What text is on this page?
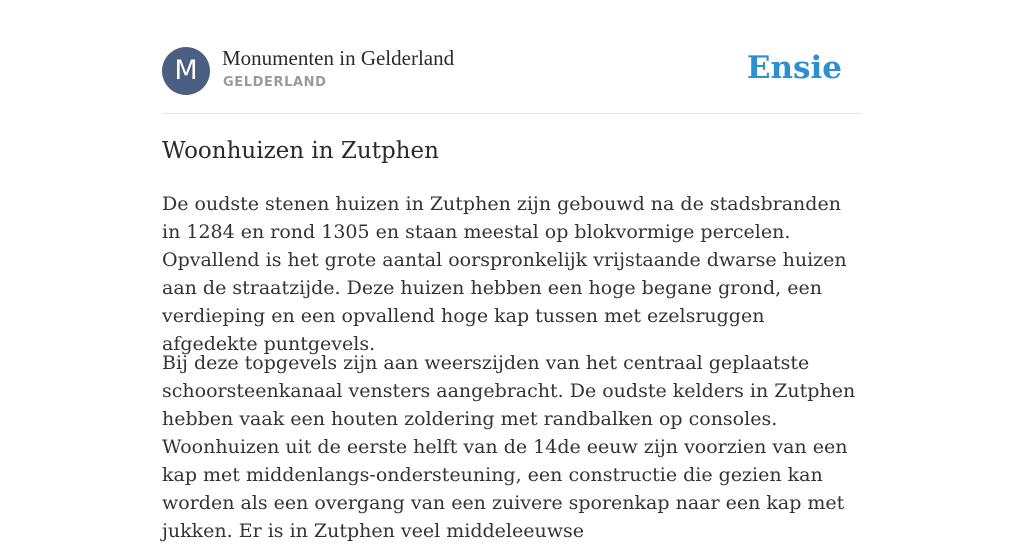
M	Monumenten in Gelderland
GELDERLAND	Ensie
Woonhuizen in Zutphen

De oudste stenen huizen in Zutphen zijn gebouwd na de stadsbranden in 1284 en rond 1305 en staan meestal op blokvormige percelen. Opvallend is het grote aantal oorspronkelijk vrijstaande dwarse huizen aan de straatzijde. Deze huizen hebben een hoge begane grond, een verdieping en een opvallend hoge kap tussen met ezelsruggen afgedekte puntgevels.

Bij deze topgevels zijn aan weerszijden van het centraal geplaatste schoorsteenkanaal vensters aangebracht. De oudste kelders in Zutphen hebben vaak een houten zoldering met randbalken op consoles. Woonhuizen uit de eerste helft van de 14de eeuw zijn voorzien van een kap met middenlangs-ondersteuning, een constructie die gezien kan worden als een overgang van een zuivere sporenkap naar een kap met jukken. Er is in Zutphen veel middeleeuwse
